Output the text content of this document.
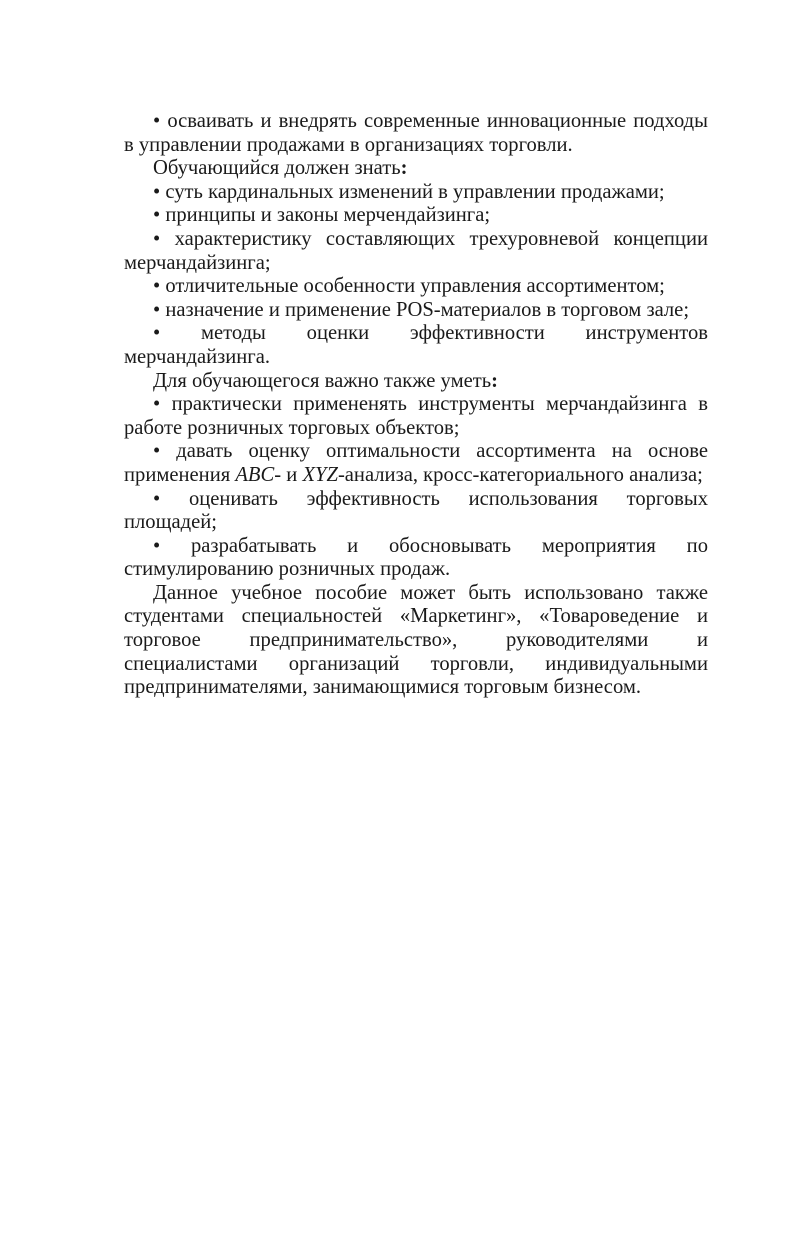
• осваивать и внедрять современные инновационные подходы в управлении продажами в организациях торговли.

Обучающийся должен знать:

• суть кардинальных изменений в управлении продажами;

• принципы и законы мерчендайзинга;

• характеристику составляющих трехуровневой концепции мерчандайзинга;

• отличительные особенности управления ассортиментом;

• назначение и применение POS-материалов в торговом зале;

• методы оценки эффективности инструментов мерчандайзинга.

Для обучающегося важно также уметь:

• практически примененять инструменты мерчандайзинга в работе розничных торговых объектов;

• давать оценку оптимальности ассортимента на основе применения ABC- и XYZ-анализа, кросс-категориального анализа;

• оценивать эффективность использования торговых площадей;

• разрабатывать и обосновывать мероприятия по стимулированию розничных продаж.

Данное учебное пособие может быть использовано также студентами специальностей «Маркетинг», «Товароведение и торговое предпринимательство», руководителями и специалистами организаций торговли, индивидуальными предпринимателями, занимающимися торговым бизнесом.
